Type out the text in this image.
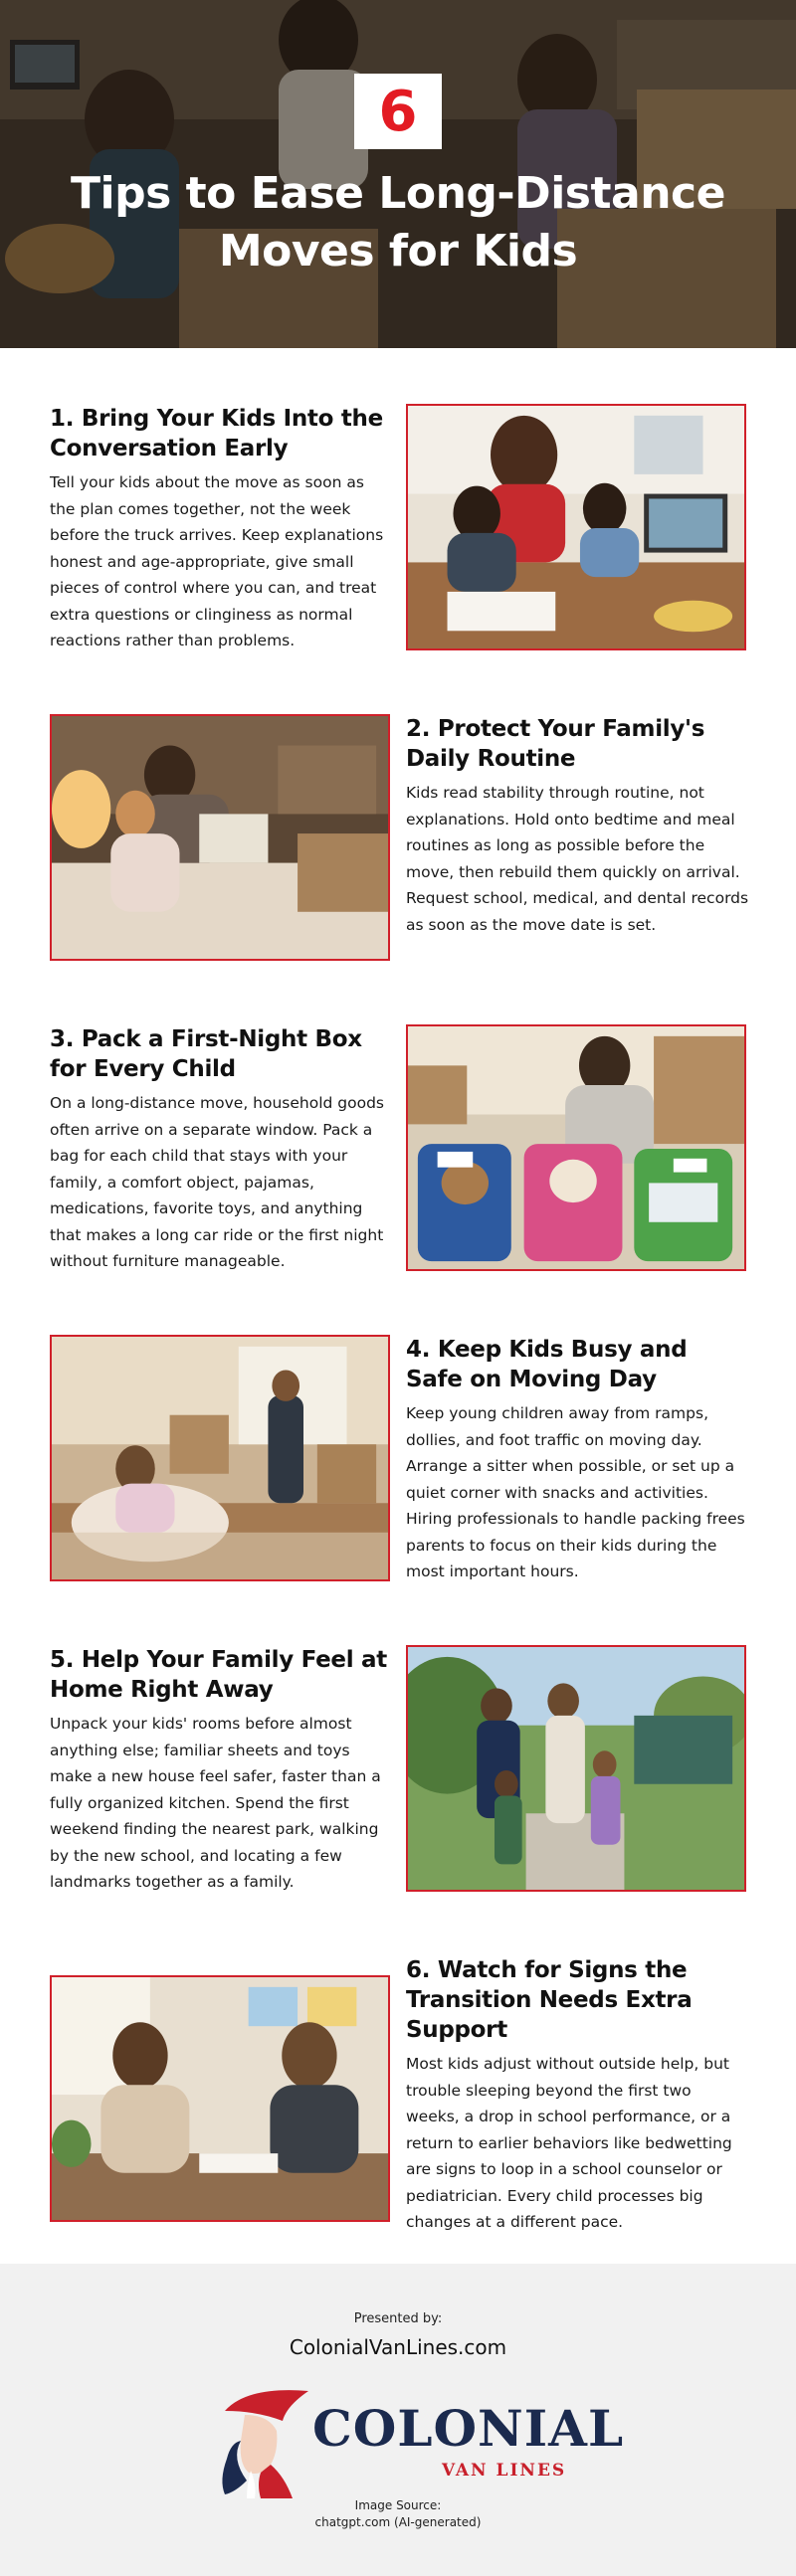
6
Tips to Ease Long-Distance Moves for Kids
1. Bring Your Kids Into the Conversation Early

Tell your kids about the move as soon as the plan comes together, not the week before the truck arrives. Keep explanations honest and age-appropriate, give small pieces of control where you can, and treat extra questions or clinginess as normal reactions rather than problems.

2. Protect Your Family's Daily Routine

Kids read stability through routine, not explanations. Hold onto bedtime and meal routines as long as possible before the move, then rebuild them quickly on arrival. Request school, medical, and dental records as soon as the move date is set.

3. Pack a First-Night Box for Every Child

On a long-distance move, household goods often arrive on a separate window. Pack a bag for each child that stays with your family, a comfort object, pajamas, medications, favorite toys, and anything that makes a long car ride or the first night without furniture manageable.

4. Keep Kids Busy and Safe on Moving Day

Keep young children away from ramps, dollies, and foot traffic on moving day. Arrange a sitter when possible, or set up a quiet corner with snacks and activities. Hiring professionals to handle packing frees parents to focus on their kids during the most important hours.

5. Help Your Family Feel at Home Right Away

Unpack your kids' rooms before almost anything else; familiar sheets and toys make a new house feel safer, faster than a fully organized kitchen. Spend the first weekend finding the nearest park, walking by the new school, and locating a few landmarks together as a family.

6. Watch for Signs the Transition Needs Extra Support

Most kids adjust without outside help, but trouble sleeping beyond the first two weeks, a drop in school performance, or a return to earlier behaviors like bedwetting are signs to loop in a school counselor or pediatrician. Every child processes big changes at a different pace.

Presented by:
ColonialVanLines.com
COLONIAL
VAN LINES
Image Source:
chatgpt.com (AI-generated)
